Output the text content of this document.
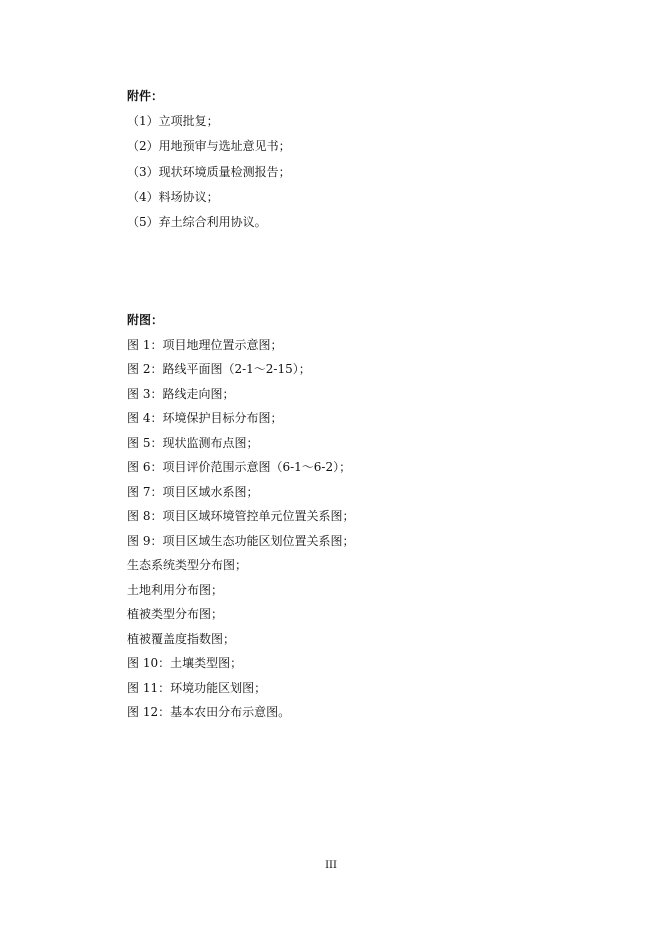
附件：
（1）立项批复；
（2）用地预审与选址意见书；
（3）现状环境质量检测报告；
（4）料场协议；
（5）弃土综合利用协议。
附图：
图 1：项目地理位置示意图；
图 2：路线平面图（2-1～2-15）；
图 3：路线走向图；
图 4：环境保护目标分布图；
图 5：现状监测布点图；
图 6：项目评价范围示意图（6-1～6-2）；
图 7：项目区域水系图；
图 8：项目区域环境管控单元位置关系图；
图 9：项目区域生态功能区划位置关系图；
生态系统类型分布图；
土地利用分布图；
植被类型分布图；
植被覆盖度指数图；
图 10：土壤类型图；
图 11：环境功能区划图；
图 12：基本农田分布示意图。
III
